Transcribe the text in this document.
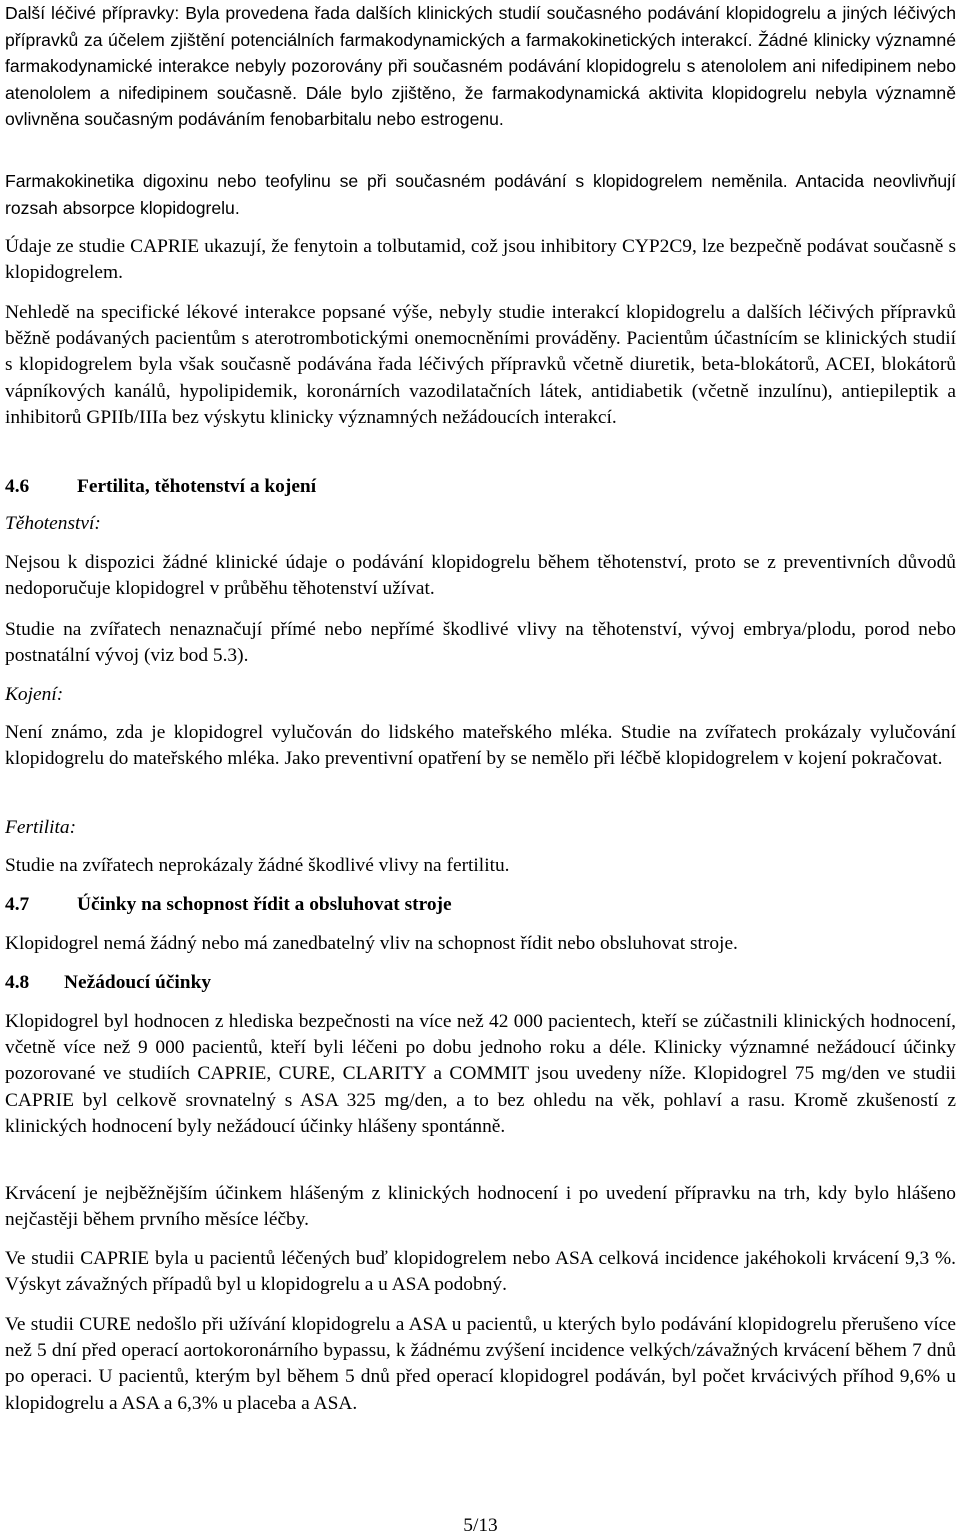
Další léčivé přípravky: Byla provedena řada dalších klinických studií současného podávání klopidogrelu a jiných léčivých přípravků za účelem zjištění potenciálních farmakodynamických a farmakokinetických interakcí. Žádné klinicky významné farmakodynamické interakce nebyly pozorovány při současném podávání klopidogrelu s atenololem ani nifedipinem nebo atenololem a nifedipinem současně. Dále bylo zjištěno, že farmakodynamická aktivita klopidogrelu nebyla významně ovlivněna současným podáváním fenobarbitalu nebo estrogenu.

Farmakokinetika digoxinu nebo teofylinu se při současném podávání s klopidogrelem neměnila. Antacida neovlivňují rozsah absorpce klopidogrelu.

Údaje ze studie CAPRIE ukazují, že fenytoin a tolbutamid, což jsou inhibitory CYP2C9, lze bezpečně podávat současně s klopidogrelem.

Nehledě na specifické lékové interakce popsané výše, nebyly studie interakcí klopidogrelu a dalších léčivých přípravků běžně podávaných pacientům s aterotrombotickými onemocněními prováděny. Pacientům účastnícím se klinických studií s klopidogrelem byla však současně podávána řada léčivých přípravků včetně diuretik, beta-blokátorů, ACEI, blokátorů vápníkových kanálů, hypolipidemik, koronárních vazodilatačních látek, antidiabetik (včetně inzulínu), antiepileptik a inhibitorů GPIIb/IIIa bez výskytu klinicky významných nežádoucích interakcí.

4.6 Fertilita, těhotenství a kojení

Těhotenství:

Nejsou k dispozici žádné klinické údaje o podávání klopidogrelu během těhotenství, proto se z preventivních důvodů nedoporučuje klopidogrel v průběhu těhotenství užívat.

Studie na zvířatech nenaznačují přímé nebo nepřímé škodlivé vlivy na těhotenství, vývoj embrya/plodu, porod nebo postnatální vývoj (viz bod 5.3).

Kojení:

Není známo, zda je klopidogrel vylučován do lidského mateřského mléka. Studie na zvířatech prokázaly vylučování klopidogrelu do mateřského mléka. Jako preventivní opatření by se nemělo při léčbě klopidogrelem v kojení pokračovat.

Fertilita:

Studie na zvířatech neprokázaly žádné škodlivé vlivy na fertilitu.

4.7 Účinky na schopnost řídit a obsluhovat stroje

Klopidogrel nemá žádný nebo má zanedbatelný vliv na schopnost řídit nebo obsluhovat stroje.

4.8 Nežádoucí účinky

Klopidogrel byl hodnocen z hlediska bezpečnosti na více než 42 000 pacientech, kteří se zúčastnili klinických hodnocení, včetně více než 9 000 pacientů, kteří byli léčeni po dobu jednoho roku a déle. Klinicky významné nežádoucí účinky pozorované ve studiích CAPRIE, CURE, CLARITY a COMMIT jsou uvedeny níže. Klopidogrel 75 mg/den ve studii CAPRIE byl celkově srovnatelný s ASA 325 mg/den, a to bez ohledu na věk, pohlaví a rasu. Kromě zkušeností z klinických hodnocení byly nežádoucí účinky hlášeny spontánně.

Krvácení je nejběžnějším účinkem hlášeným z klinických hodnocení i po uvedení přípravku na trh, kdy bylo hlášeno nejčastěji během prvního měsíce léčby.

Ve studii CAPRIE byla u pacientů léčených buď klopidogrelem nebo ASA celková incidence jakéhokoli krvácení 9,3 %. Výskyt závažných případů byl u klopidogrelu a u ASA podobný.

Ve studii CURE nedošlo při užívání klopidogrelu a ASA u pacientů, u kterých bylo podávání klopidogrelu přerušeno více než 5 dní před operací aortokoronárního bypassu, k žádnému zvýšení incidence velkých/závažných krvácení během 7 dnů po operaci. U pacientů, kterým byl během 5 dnů před operací klopidogrel podáván, byl počet krvácivých příhod 9,6% u klopidogrelu a ASA a 6,3% u placeba a ASA.

5/13
